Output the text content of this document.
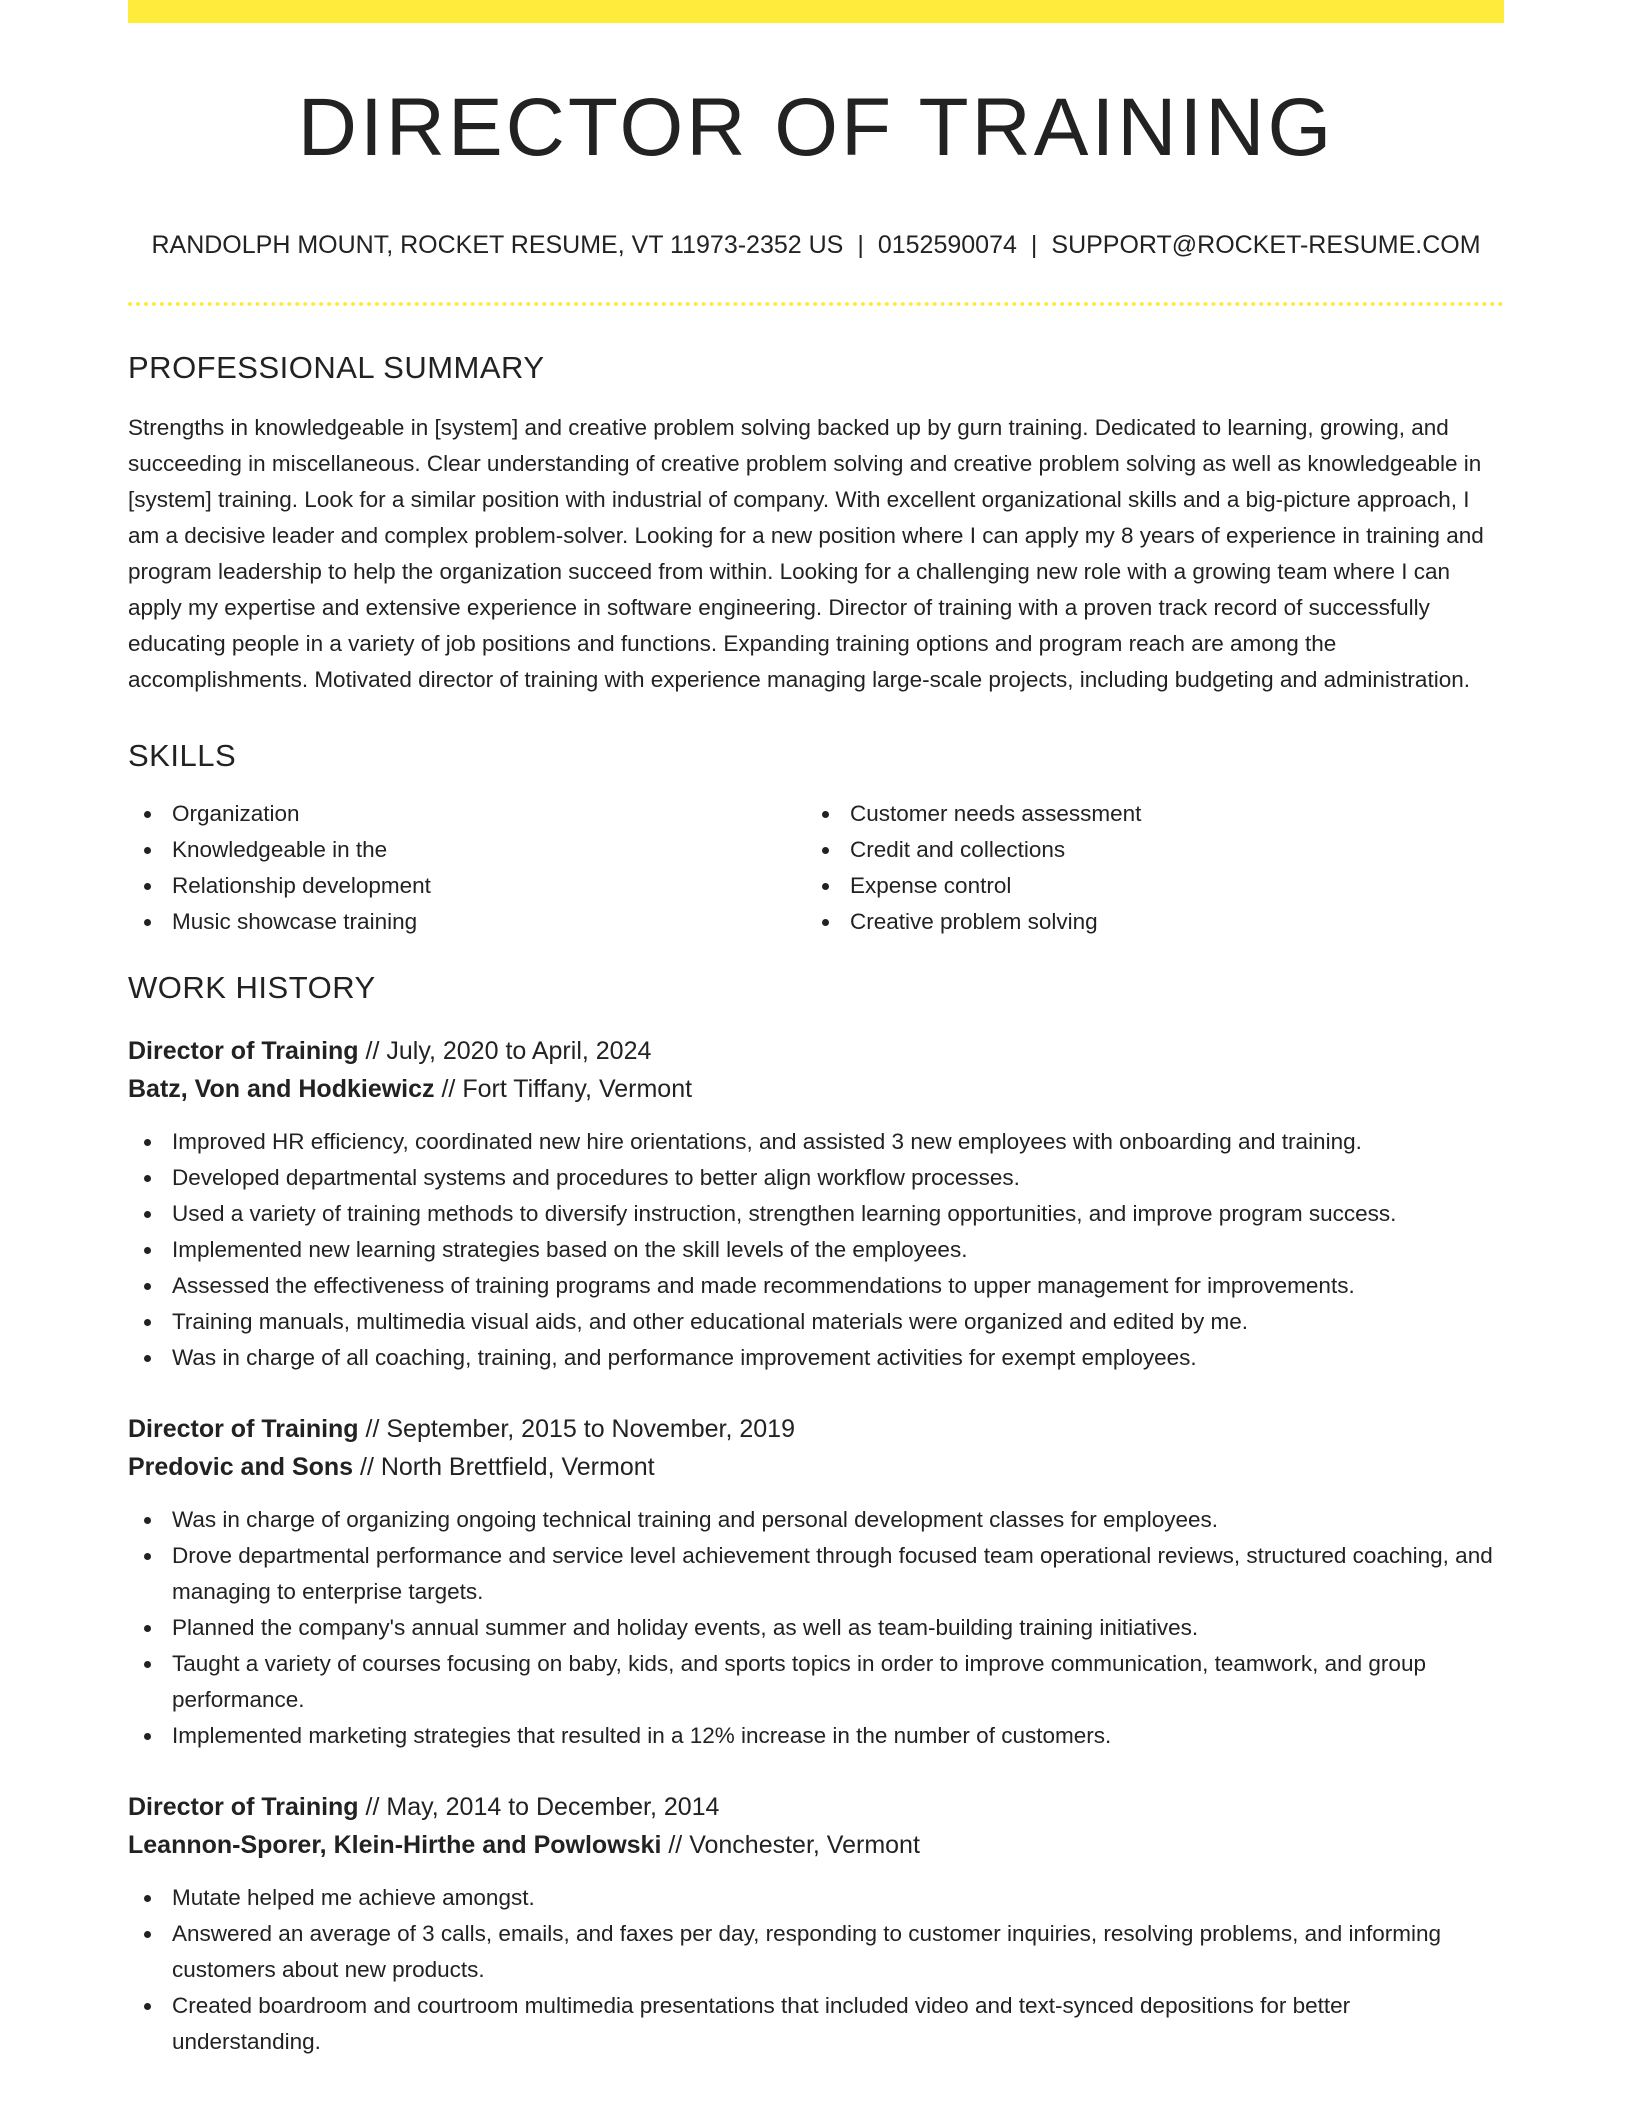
DIRECTOR OF TRAINING
RANDOLPH MOUNT, ROCKET RESUME, VT 11973-2352 US | 0152590074 | SUPPORT@ROCKET-RESUME.COM
PROFESSIONAL SUMMARY

Strengths in knowledgeable in [system] and creative problem solving backed up by gurn training. Dedicated to learning, growing, and succeeding in miscellaneous. Clear understanding of creative problem solving and creative problem solving as well as knowledgeable in [system] training. Look for a similar position with industrial of company. With excellent organizational skills and a big-picture approach, I am a decisive leader and complex problem-solver. Looking for a new position where I can apply my 8 years of experience in training and program leadership to help the organization succeed from within. Looking for a challenging new role with a growing team where I can apply my expertise and extensive experience in software engineering. Director of training with a proven track record of successfully educating people in a variety of job positions and functions. Expanding training options and program reach are among the accomplishments. Motivated director of training with experience managing large-scale projects, including budgeting and administration.

SKILLS
Organization
Knowledgeable in the
Relationship development
Music showcase training
Customer needs assessment
Credit and collections
Expense control
Creative problem solving
WORK HISTORY
Director of Training // July, 2020 to April, 2024
Batz, Von and Hodkiewicz // Fort Tiffany, Vermont
Improved HR efficiency, coordinated new hire orientations, and assisted 3 new employees with onboarding and training.
Developed departmental systems and procedures to better align workflow processes.
Used a variety of training methods to diversify instruction, strengthen learning opportunities, and improve program success.
Implemented new learning strategies based on the skill levels of the employees.
Assessed the effectiveness of training programs and made recommendations to upper management for improvements.
Training manuals, multimedia visual aids, and other educational materials were organized and edited by me.
Was in charge of all coaching, training, and performance improvement activities for exempt employees.
Director of Training // September, 2015 to November, 2019
Predovic and Sons // North Brettfield, Vermont
Was in charge of organizing ongoing technical training and personal development classes for employees.
Drove departmental performance and service level achievement through focused team operational reviews, structured coaching, and managing to enterprise targets.
Planned the company's annual summer and holiday events, as well as team-building training initiatives.
Taught a variety of courses focusing on baby, kids, and sports topics in order to improve communication, teamwork, and group performance.
Implemented marketing strategies that resulted in a 12% increase in the number of customers.
Director of Training // May, 2014 to December, 2014
Leannon-Sporer, Klein-Hirthe and Powlowski // Vonchester, Vermont
Mutate helped me achieve amongst.
Answered an average of 3 calls, emails, and faxes per day, responding to customer inquiries, resolving problems, and informing customers about new products.
Created boardroom and courtroom multimedia presentations that included video and text-synced depositions for better understanding.
